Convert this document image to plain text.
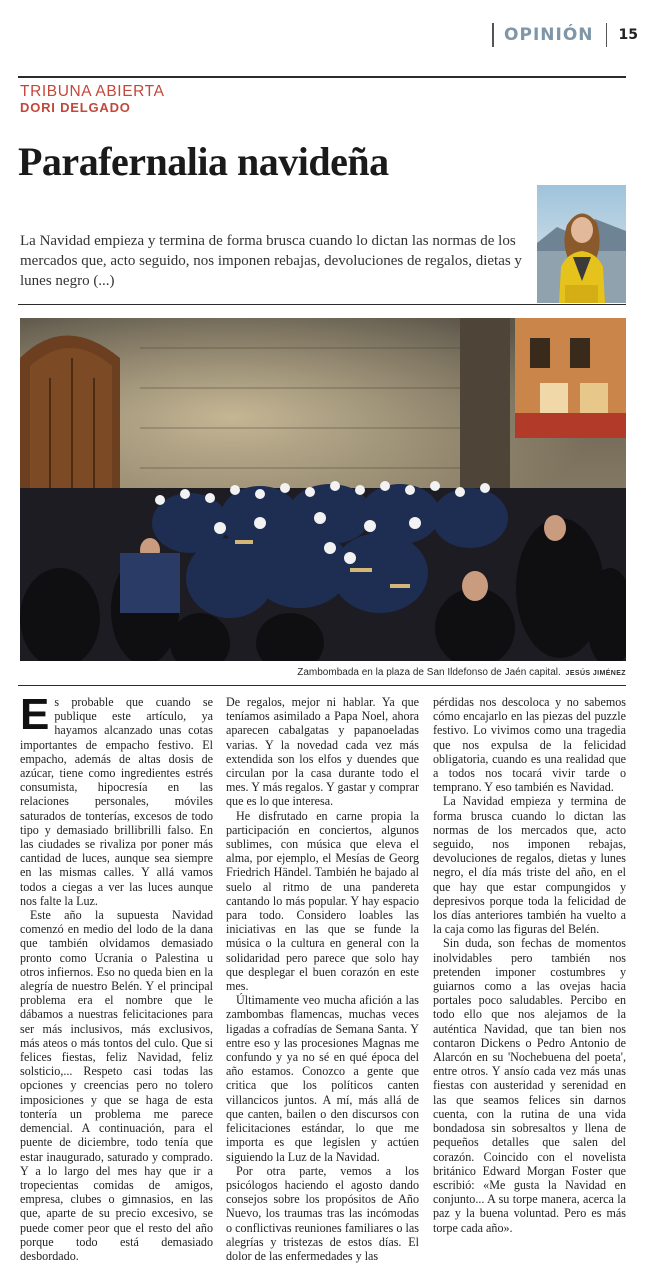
OPINIÓN 15
TRIBUNA ABIERTA
DORI DELGADO
Parafernalia navideña

La Navidad empieza y termina de forma brusca cuando lo dictan las normas de los mercados que, acto seguido, nos imponen rebajas, devoluciones de regalos, dietas y lunes negro (...)

Zambombada en la plaza de San Ildefonso de Jaén capital. JESÚS JIMÉNEZ

Es probable que cuando se publique este artículo, ya hayamos alcanzado unas cotas importantes de empacho festivo. El empacho, además de altas dosis de azúcar, tiene como ingredientes estrés consumista, hipocresía en las relaciones personales, móviles saturados de tonterías, excesos de todo tipo y demasiado brillibrilli falso. En las ciudades se rivaliza por poner más cantidad de luces, aunque sea siempre en las mismas calles. Y allá vamos todos a ciegas a ver las luces aunque nos falte la Luz.

Este año la supuesta Navidad comenzó en medio del lodo de la dana que también olvidamos demasiado pronto como Ucrania o Palestina u otros infiernos. Eso no queda bien en la alegría de nuestro Belén. Y el principal problema era el nombre que le dábamos a nuestras felicitaciones para ser más inclusivos, más exclusivos, más ateos o más tontos del culo. Que si felices fiestas, feliz Navidad, feliz solsticio,... Respeto casi todas las opciones y creencias pero no tolero imposiciones y que se haga de esta tontería un problema me parece demencial. A continuación, para el puente de diciembre, todo tenía que estar inaugurado, saturado y comprado. Y a lo largo del mes hay que ir a tropecientas comidas de amigos, empresa, clubes o gimnasios, en las que, aparte de su precio excesivo, se puede comer peor que el resto del año porque todo está demasiado desbordado.

De regalos, mejor ni hablar. Ya que teníamos asimilado a Papa Noel, ahora aparecen cabalgatas y papanoeladas varias. Y la novedad cada vez más extendida son los elfos y duendes que circulan por la casa durante todo el mes. Y más regalos. Y gastar y comprar que es lo que interesa.

He disfrutado en carne propia la participación en conciertos, algunos sublimes, con música que eleva el alma, por ejemplo, el Mesías de Georg Friedrich Händel. También he bajado al suelo al ritmo de una pandereta cantando lo más popular. Y hay espacio para todo. Considero loables las iniciativas en las que se funde la música o la cultura en general con la solidaridad pero parece que solo hay que desplegar el buen corazón en este mes.

Últimamente veo mucha afición a las zambombas flamencas, muchas veces ligadas a cofradías de Semana Santa. Y entre eso y las procesiones Magnas me confundo y ya no sé en qué época del año estamos. Conozco a gente que critica que los políticos canten villancicos juntos. A mí, más allá de que canten, bailen o den discursos con felicitaciones estándar, lo que me importa es que legislen y actúen siguiendo la Luz de la Navidad.

Por otra parte, vemos a los psicólogos haciendo el agosto dando consejos sobre los propósitos de Año Nuevo, los traumas tras las incómodas o conflictivas reuniones familiares o las alegrías y tristezas de estos días. El dolor de las enfermedades y las

pérdidas nos descoloca y no sabemos cómo encajarlo en las piezas del puzzle festivo. Lo vivimos como una tragedia que nos expulsa de la felicidad obligatoria, cuando es una realidad que a todos nos tocará vivir tarde o temprano. Y eso también es Navidad.

La Navidad empieza y termina de forma brusca cuando lo dictan las normas de los mercados que, acto seguido, nos imponen rebajas, devoluciones de regalos, dietas y lunes negro, el día más triste del año, en el que hay que estar compungidos y depresivos porque toda la felicidad de los días anteriores también ha vuelto a la caja como las figuras del Belén.

Sin duda, son fechas de momentos inolvidables pero también nos pretenden imponer costumbres y guiarnos como a las ovejas hacia portales poco saludables. Percibo en todo ello que nos alejamos de la auténtica Navidad, que tan bien nos contaron Dickens o Pedro Antonio de Alarcón en su 'Nochebuena del poeta', entre otros. Y ansío cada vez más unas fiestas con austeridad y serenidad en las que seamos felices sin darnos cuenta, con la rutina de una vida bondadosa sin sobresaltos y llena de pequeños detalles que salen del corazón. Coincido con el novelista británico Edward Morgan Foster que escribió: «Me gusta la Navidad en conjunto... A su torpe manera, acerca la paz y la buena voluntad. Pero es más torpe cada año».
